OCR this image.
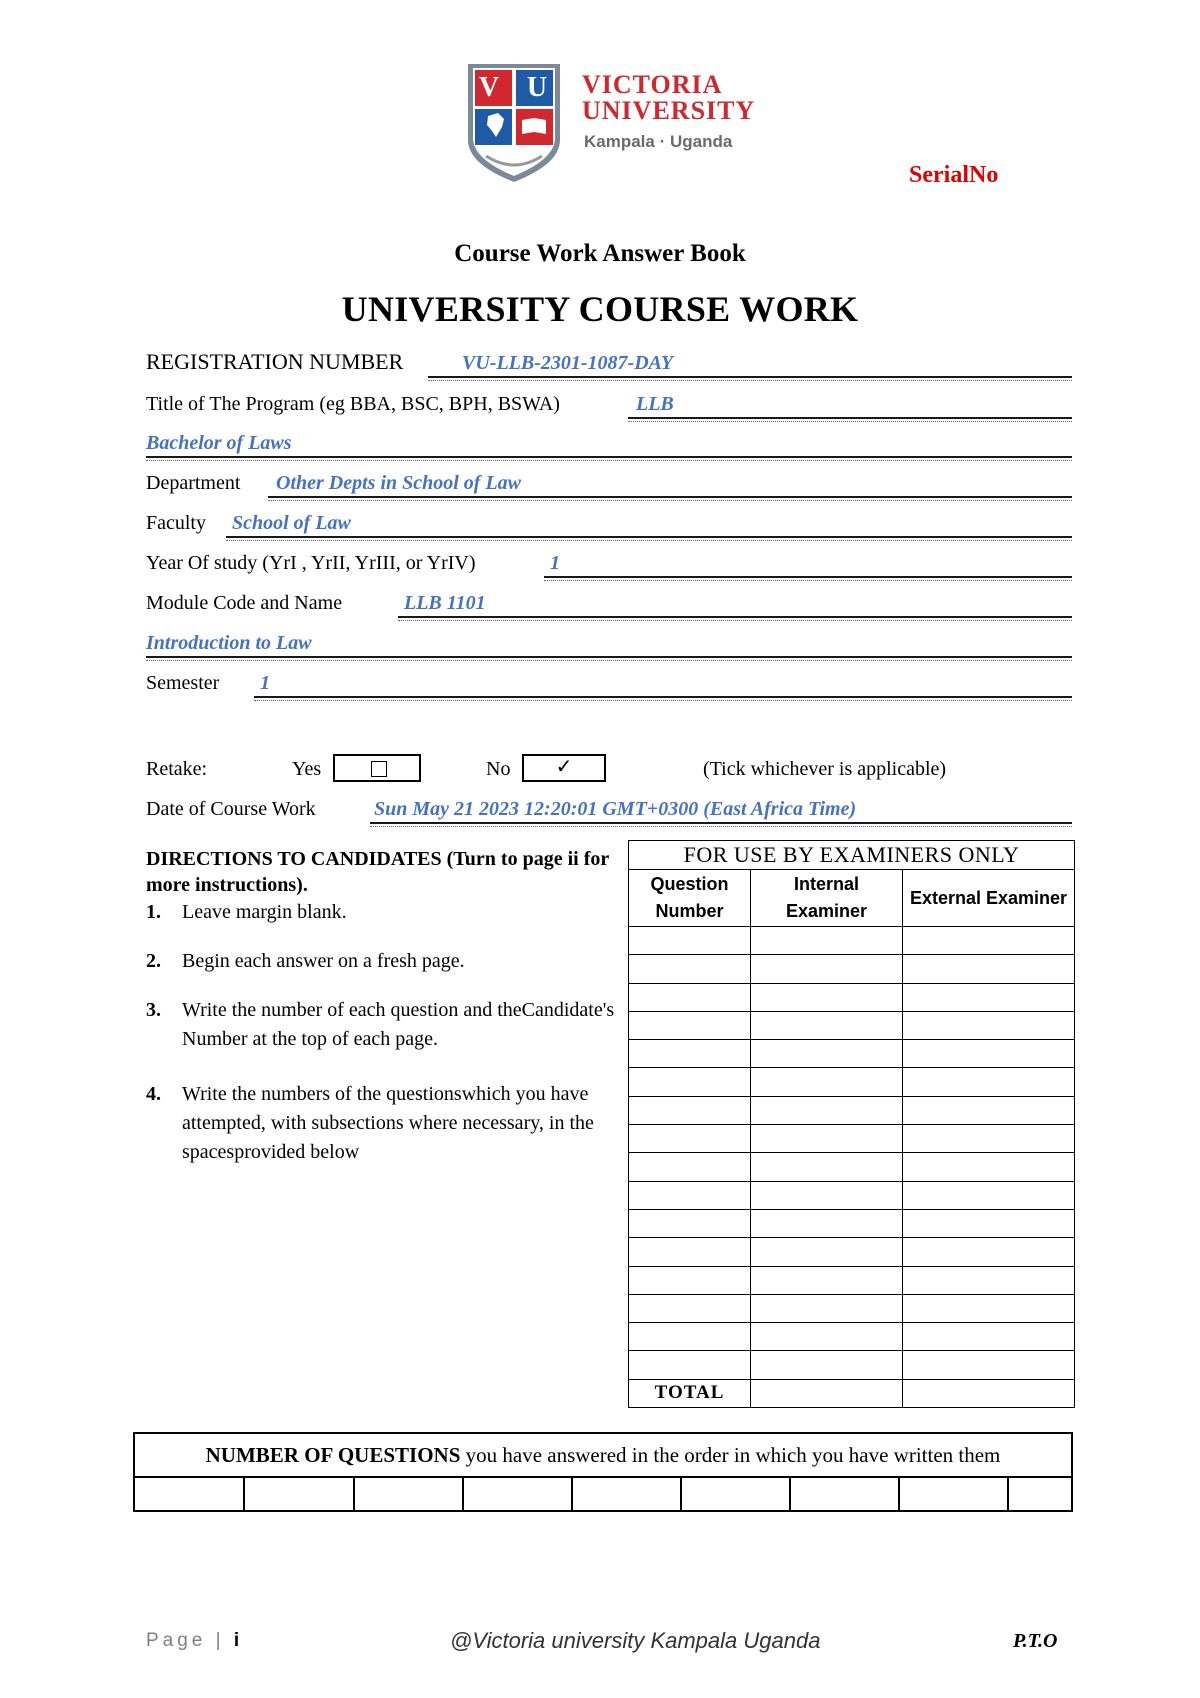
V U	VICTORIA
UNIVERSITY
Kampala · Uganda
SerialNo
Course Work Answer Book
UNIVERSITY COURSE WORK
REGISTRATION NUMBER	VU-LLB-2301-1087-DAY
Title of The Program (eg BBA, BSC, BPH, BSWA)	LLB
Bachelor of Laws
Department Other Depts in School of Law
Faculty School of Law
Year Of study (YrI , YrII, YrIII, or YrIV)	1
Module Code and Name	LLB 1101
Introduction to Law
Semester 1
Retake:	Yes	No	✓	(Tick whichever is applicable)
Date of Course Work	Sun May 21 2023 12:20:01 GMT+0300 (East Africa Time)
DIRECTIONS TO CANDIDATES (Turn to page ii for more instructions).
1. Leave margin blank.
2. Begin each answer on a fresh page.
3. Write the number of each question and theCandidate's Number at the top of each page.
4. Write the numbers of the questionswhich you have attempted, with subsections where necessary, in the spacesprovided below
FOR USE BY EXAMINERS ONLY		
Question Number	Internal Examiner	External Examiner

TOTAL		
NUMBER OF QUESTIONS you have answered in the order in which you have written them

Page | i	@Victoria university Kampala Uganda	P.T.O
